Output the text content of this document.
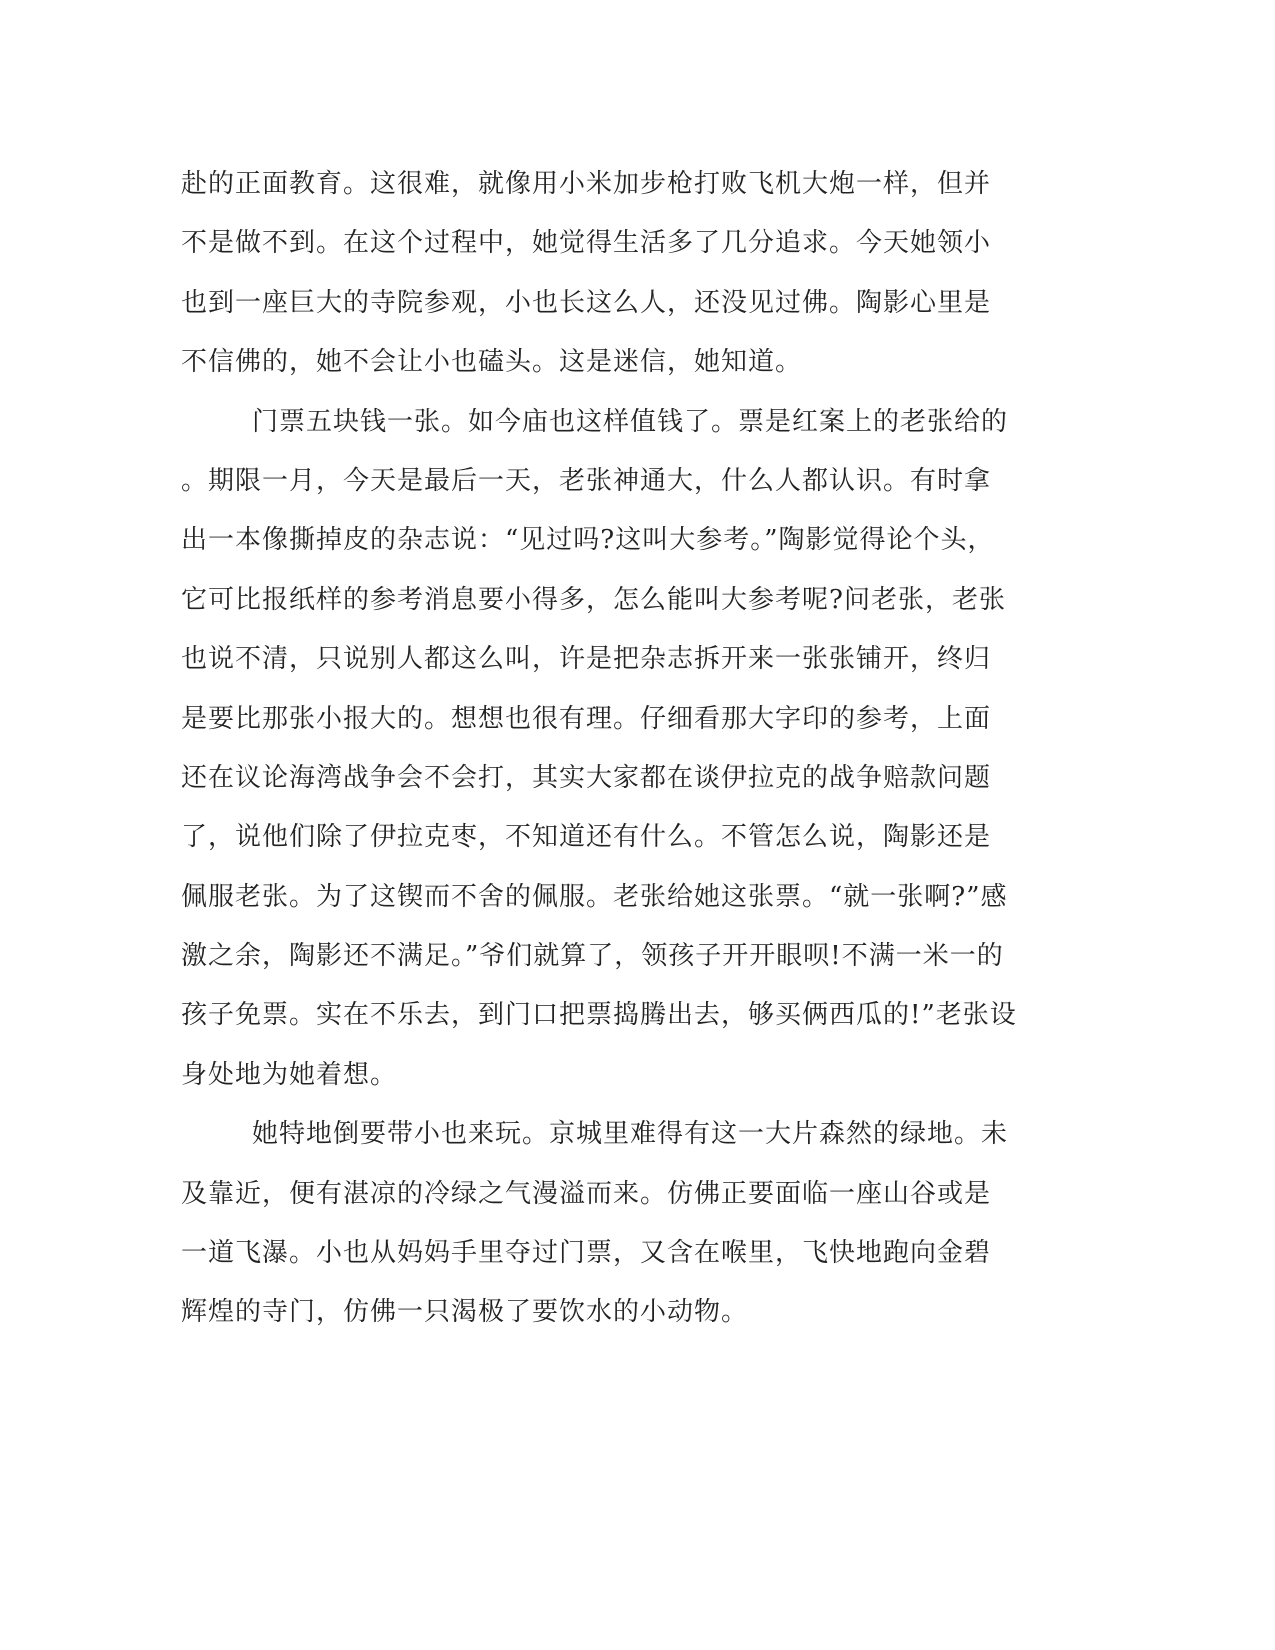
赴的正面教育。这很难，就像用小米加步枪打败飞机大炮一样，但并
不是做不到。在这个过程中，她觉得生活多了几分追求。今天她领小
也到一座巨大的寺院参观，小也长这么人，还没见过佛。陶影心里是
不信佛的，她不会让小也磕头。这是迷信，她知道。
门票五块钱一张。如今庙也这样值钱了。票是红案上的老张给的
。期限一月，今天是最后一天，老张神通大，什么人都认识。有时拿
出一本像撕掉皮的杂志说：“见过吗?这叫大参考。”陶影觉得论个头，
它可比报纸样的参考消息要小得多，怎么能叫大参考呢?问老张，老张
也说不清，只说别人都这么叫，许是把杂志拆开来一张张铺开，终归
是要比那张小报大的。想想也很有理。仔细看那大字印的参考，上面
还在议论海湾战争会不会打，其实大家都在谈伊拉克的战争赔款问题
了，说他们除了伊拉克枣，不知道还有什么。不管怎么说，陶影还是
佩服老张。为了这锲而不舍的佩服。老张给她这张票。“就一张啊?”感
激之余，陶影还不满足。”爷们就算了，领孩子开开眼呗!不满一米一的
孩子免票。实在不乐去，到门口把票捣腾出去，够买俩西瓜的!”老张设
身处地为她着想。
她特地倒要带小也来玩。京城里难得有这一大片森然的绿地。未
及靠近，便有湛凉的冷绿之气漫溢而来。仿佛正要面临一座山谷或是
一道飞瀑。小也从妈妈手里夺过门票，又含在喉里，飞快地跑向金碧
辉煌的寺门，仿佛一只渴极了要饮水的小动物。
